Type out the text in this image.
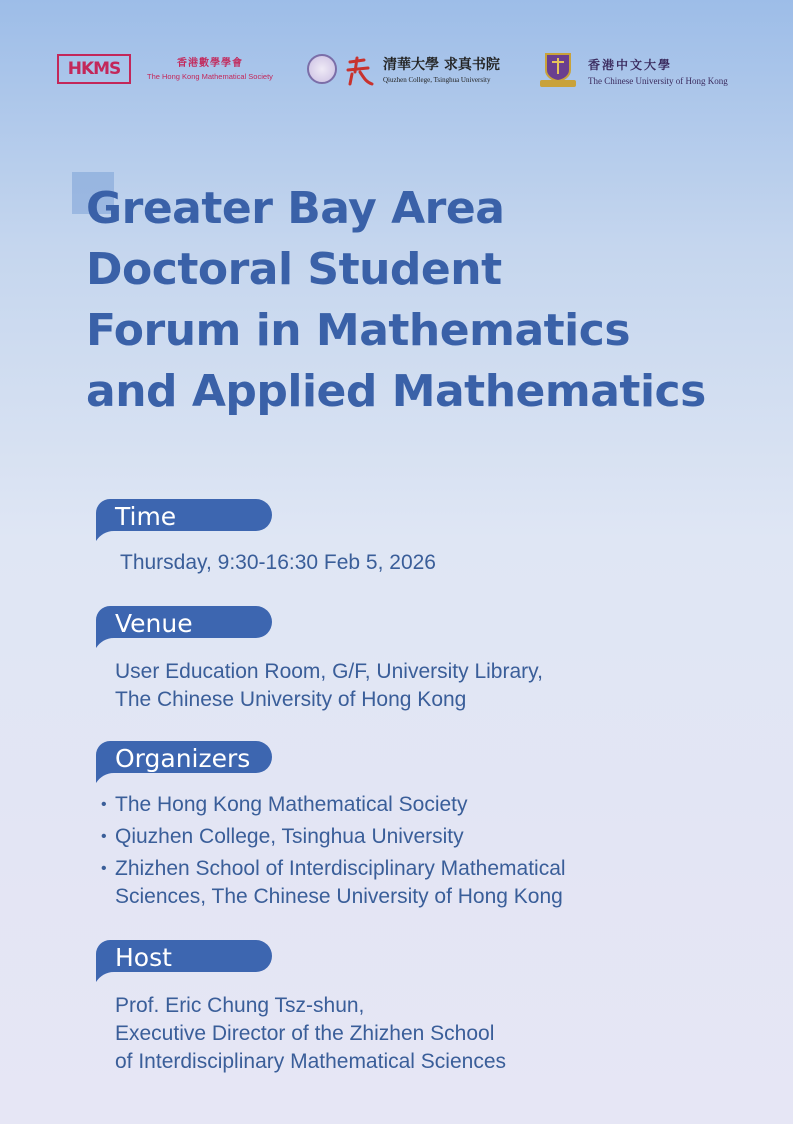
HKMS	香港數學學會
The Hong Kong Mathematical Society
清華大學 求真书院
Qiuzhen College, Tsinghua University
香港中文大學
The Chinese University of Hong Kong
Greater Bay Area
Doctoral Student
Forum in Mathematics
and Applied Mathematics
Time
Thursday, 9:30-16:30 Feb 5, 2026
Venue
User Education Room, G/F, University Library,
The Chinese University of Hong Kong
Organizers
• The Hong Kong Mathematical Society
• Qiuzhen College, Tsinghua University
• Zhizhen School of Interdisciplinary Mathematical
Sciences, The Chinese University of Hong Kong
Host
Prof. Eric Chung Tsz-shun,
Executive Director of the Zhizhen School
of Interdisciplinary Mathematical Sciences
